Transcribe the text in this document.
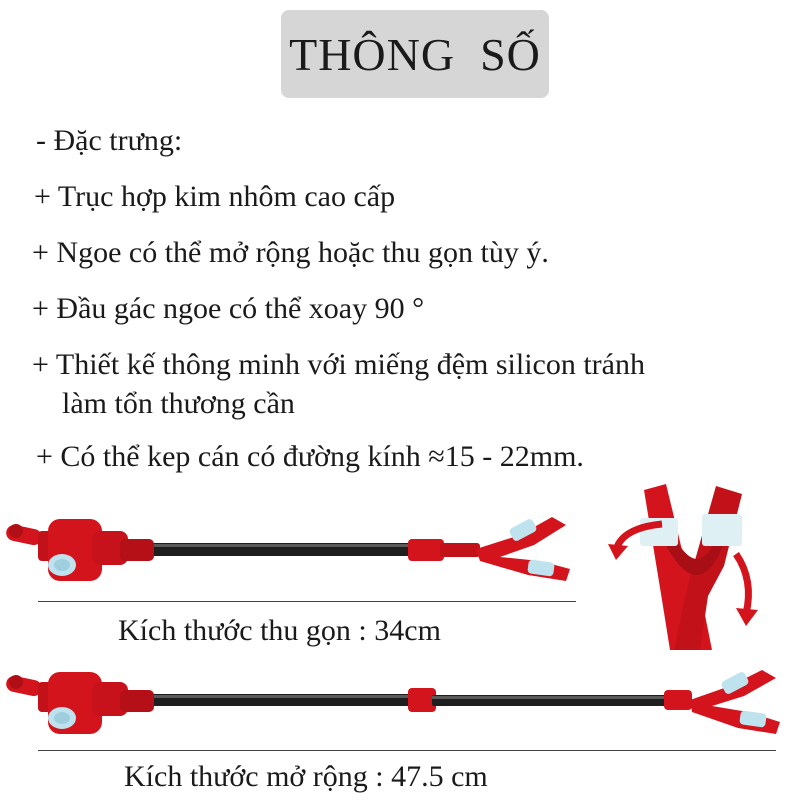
THÔNG  SỐ
- Đặc trưng:
+ Trục hợp kim nhôm cao cấp
+ Ngoe có thể mở rộng hoặc thu gọn tùy ý.
+ Đầu gác ngoe có thể xoay 90 °
+ Thiết kế thông minh với miếng đệm silicon tránh
làm tổn thương cần
+ Có thể kep cán có đường kính ≈15 - 22mm.
Kích thước thu gọn : 34cm
Kích thước mở rộng : 47.5 cm
